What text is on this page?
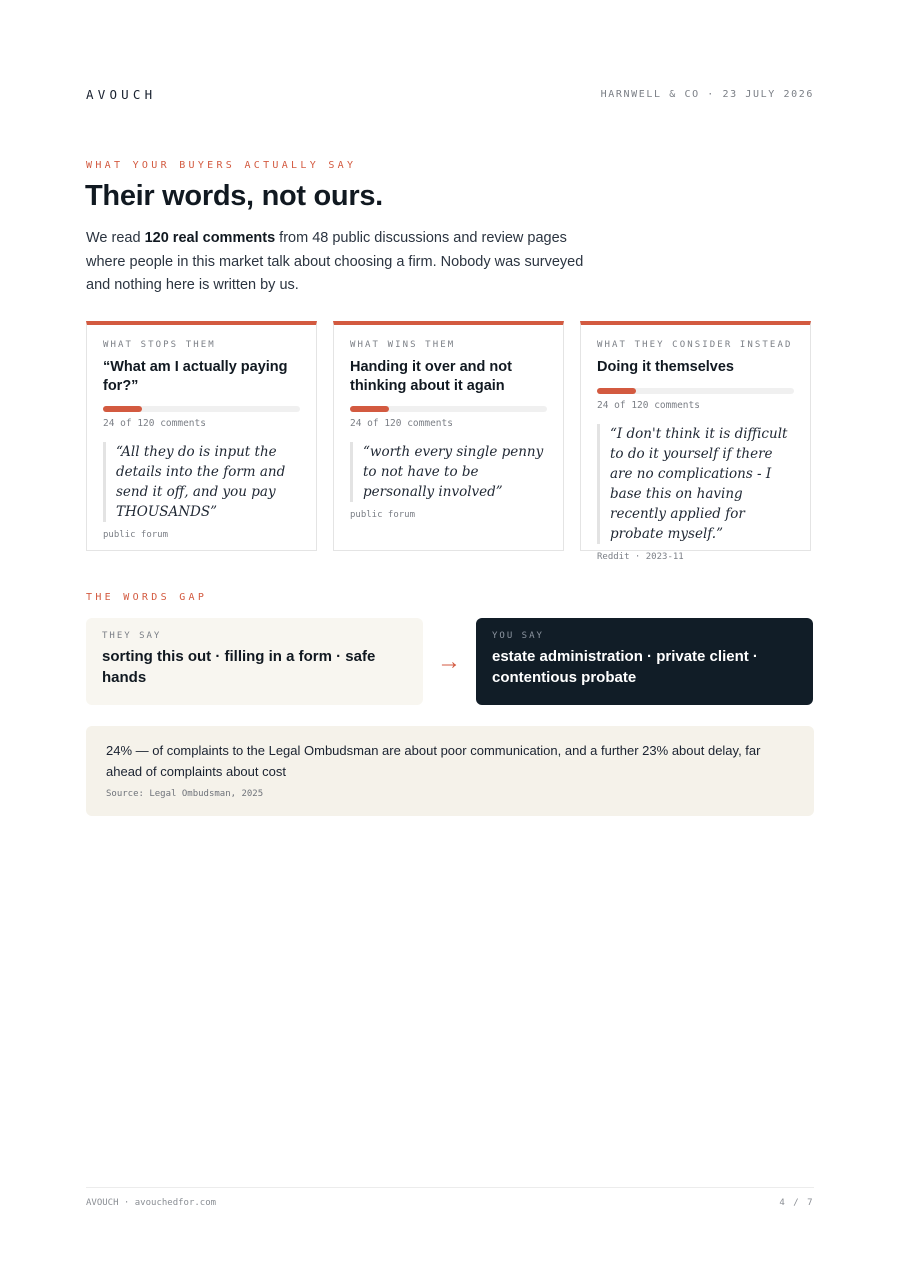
AVOUCH	HARNWELL & CO · 23 JULY 2026
WHAT YOUR BUYERS ACTUALLY SAY
Their words, not ours.

We read 120 real comments from 48 public discussions and review pages where people in this market talk about choosing a firm. Nobody was surveyed and nothing here is written by us.

WHAT STOPS THEM
“What am I actually paying for?”
24 of 120 comments
“All they do is input the details into the form and send it off, and you pay THOUSANDS”
public forum
WHAT WINS THEM
Handing it over and not thinking about it again
24 of 120 comments
“worth every single penny to not have to be personally involved”
public forum
WHAT THEY CONSIDER INSTEAD
Doing it themselves
24 of 120 comments
“I don't think it is difficult to do it yourself if there are no complications - I base this on having recently applied for probate myself.”
Reddit · 2023-11
THE WORDS GAP
THEY SAY
sorting this out · filling in a form · safe hands
→
YOU SAY
estate administration · private client · contentious probate
24% — of complaints to the Legal Ombudsman are about poor communication, and a further 23% about delay, far ahead of complaints about cost
Source: Legal Ombudsman, 2025
AVOUCH · avouchedfor.com	4 / 7
